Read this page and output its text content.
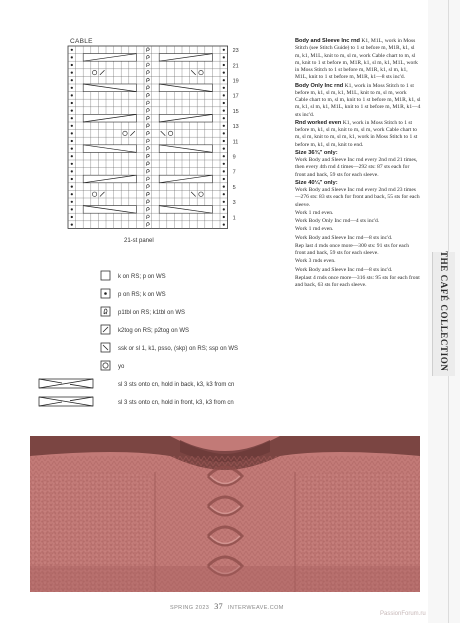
CABLE
23
21
19
17
15
13
11
9
7
5
3
1
21-st panel
k on RS; p on WS
p on RS; k on WS
p1tbl on RS; k1tbl on WS
k2tog on RS; p2tog on WS
ssk or sl 1, k1, psso, (skp) on RS; ssp on WS
yo
sl 3 sts onto cn, hold in back, k3, k3 from cn
sl 3 sts onto cn, hold in front, k3, k3 from cn

Body and Sleeve Inc rnd K1, M1L, work in Moss Stitch (see Stitch Guide) to 1 st before m, M1R, k1, sl m, k1, M1L, knit to m, sl m, work Cable chart to m, sl m, knit to 1 st before m, M1R, k1, sl m, k1, M1L, work in Moss Stitch to 1 st before m, M1R, k1, sl m, k1, M1L, knit to 1 st before m, M1R, k1—8 sts inc'd.

Body Only Inc rnd K1, work in Moss Stitch to 1 st before m, k1, sl m, k1, M1L, knit to m, sl m, work Cable chart to m, sl m, knit to 1 st before m, M1R, k1, sl m, k1, sl m, k1, M1L, knit to 1 st before m, M1R, k1—4 sts inc'd.

Rnd worked even K1, work in Moss Stitch to 1 st before m, k1, sl m, knit to m, sl m, work Cable chart to m, sl m, knit to m, sl m, k1, work in Moss Stitch to 1 st before m, k1, sl m, knit to end.

Size 36¾" only:

Work Body and Sleeve Inc rnd every 2nd rnd 21 times, then every 4th rnd 4 times—292 sts: 87 sts each for front and back, 59 sts for each sleeve.

Size 40¼" only:

Work Body and Sleeve Inc rnd every 2nd rnd 23 times—276 sts: 83 sts each for front and back, 55 sts for each sleeve.

Work 1 rnd even.

Work Body Only Inc rnd—4 sts inc'd.

Work 1 rnd even.

Work Body and Sleeve Inc rnd—8 sts inc'd.

Rep last 4 rnds once more—300 sts: 91 sts for each front and back, 59 sts for each sleeve.

Work 3 rnds even.

Work Body and Sleeve Inc rnd—8 sts inc'd.

Replast 4 rnds once more—316 sts: 95 sts for each front and back, 63 sts for each sleeve.	THE CAFÉ COLLECTION
SPRING 2023 37 INTERWEAVE.COM
PassionForum.ru
